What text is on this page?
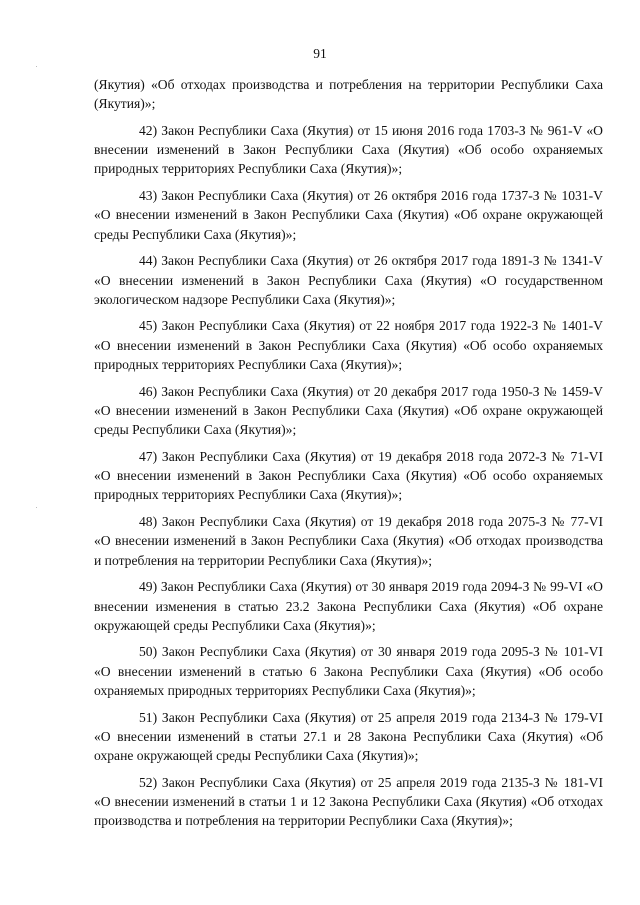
91

(Якутия) «Об отходах производства и потребления на территории Республики Саха (Якутия)»;

42) Закон Республики Саха (Якутия) от 15 июня 2016 года 1703-З № 961-V «О внесении изменений в Закон Республики Саха (Якутия) «Об особо охраняемых природных территориях Республики Саха (Якутия)»;

43) Закон Республики Саха (Якутия) от 26 октября 2016 года 1737-З № 1031-V «О внесении изменений в Закон Республики Саха (Якутия) «Об охране окружающей среды Республики Саха (Якутия)»;

44) Закон Республики Саха (Якутия) от 26 октября 2017 года 1891-З № 1341-V «О внесении изменений в Закон Республики Саха (Якутия) «О государственном экологическом надзоре Республики Саха (Якутия)»;

45) Закон Республики Саха (Якутия) от 22 ноября 2017 года 1922-З № 1401-V «О внесении изменений в Закон Республики Саха (Якутия) «Об особо охраняемых природных территориях Республики Саха (Якутия)»;

46) Закон Республики Саха (Якутия) от 20 декабря 2017 года 1950-З № 1459-V «О внесении изменений в Закон Республики Саха (Якутия) «Об охране окружающей среды Республики Саха (Якутия)»;

47) Закон Республики Саха (Якутия) от 19 декабря 2018 года 2072-З № 71-VI «О внесении изменений в Закон Республики Саха (Якутия) «Об особо охраняемых природных территориях Республики Саха (Якутия)»;

48) Закон Республики Саха (Якутия) от 19 декабря 2018 года 2075-З № 77-VI «О внесении изменений в Закон Республики Саха (Якутия) «Об отходах производства и потребления на территории Республики Саха (Якутия)»;

49) Закон Республики Саха (Якутия) от 30 января 2019 года 2094-З № 99-VI «О внесении изменения в статью 23.2 Закона Республики Саха (Якутия) «Об охране окружающей среды Республики Саха (Якутия)»;

50) Закон Республики Саха (Якутия) от 30 января 2019 года 2095-З № 101-VI «О внесении изменений в статью 6 Закона Республики Саха (Якутия) «Об особо охраняемых природных территориях Республики Саха (Якутия)»;

51) Закон Республики Саха (Якутия) от 25 апреля 2019 года 2134-З № 179-VI «О внесении изменений в статьи 27.1 и 28 Закона Республики Саха (Якутия) «Об охране окружающей среды Республики Саха (Якутия)»;

52) Закон Республики Саха (Якутия) от 25 апреля 2019 года 2135-З № 181-VI «О внесении изменений в статьи 1 и 12 Закона Республики Саха (Якутия) «Об отходах производства и потребления на территории Республики Саха (Якутия)»;
